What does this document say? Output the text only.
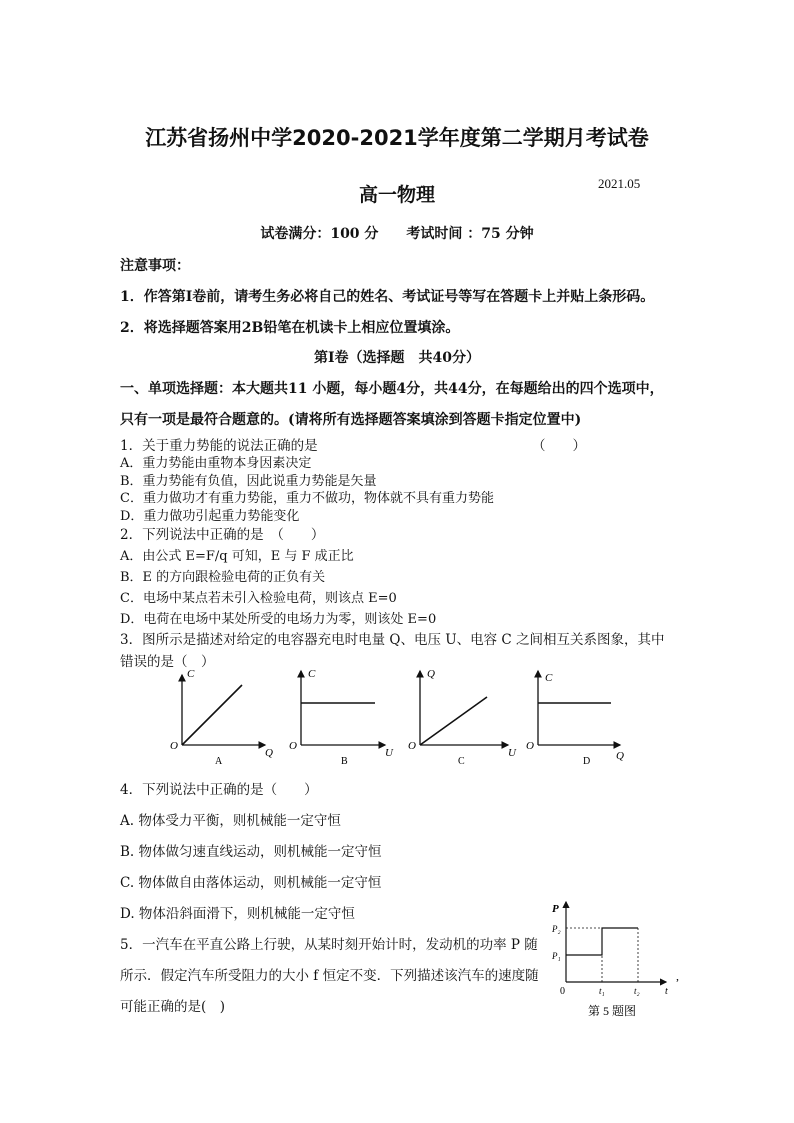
江苏省扬州中学2020-2021学年度第二学期月考试卷
2021.05
高一物理
试卷满分：100 分　　考试时间 ：75 分钟
注意事项：
1．作答第Ⅰ卷前，请考生务必将自己的姓名、考试证号等写在答题卡上并贴上条形码。
2．将选择题答案用2B铅笔在机读卡上相应位置填涂。
第Ⅰ卷（选择题　共40分）
一、单项选择题：本大题共11 小题，每小题4分，共44分，在每题给出的四个选项中，
只有一项是最符合题意的。(请将所有选择题答案填涂到答题卡指定位置中)
1．关于重力势能的说法正确的是	（　　）
A．重力势能由重物本身因素决定
B．重力势能有负值，因此说重力势能是矢量
C．重力做功才有重力势能，重力不做功，物体就不具有重力势能
D．重力做功引起重力势能变化
2．下列说法中正确的是　（　　）
A．由公式 E=F/q 可知，E 与 F 成正比
B．E 的方向跟检验电荷的正负有关
C．电场中某点若未引入检验电荷，则该点 E=0
D．电荷在电场中某处所受的电场力为零，则该处 E=0
3．图所示是描述对给定的电容器充电时电量 Q、电压 U、电容 C 之间相互关系图象，其中
错误的是（　）
C
O
Q
A
C
O
U
B
Q
O
U
C
C
O
Q
D
4．下列说法中正确的是（　　）
A. 物体受力平衡，则机械能一定守恒
B. 物体做匀速直线运动，则机械能一定守恒
C. 物体做自由落体运动，则机械能一定守恒
D. 物体沿斜面滑下，则机械能一定守恒
5．一汽车在平直公路上行驶，从某时刻开始计时，发动机的功率 P 随
所示．假定汽车所受阻力的大小 f 恒定不变．下列描述该汽车的速度随
可能正确的是(　)
P
P₂
P₁
0	t₁	t₂	t
,
第 5 题图
